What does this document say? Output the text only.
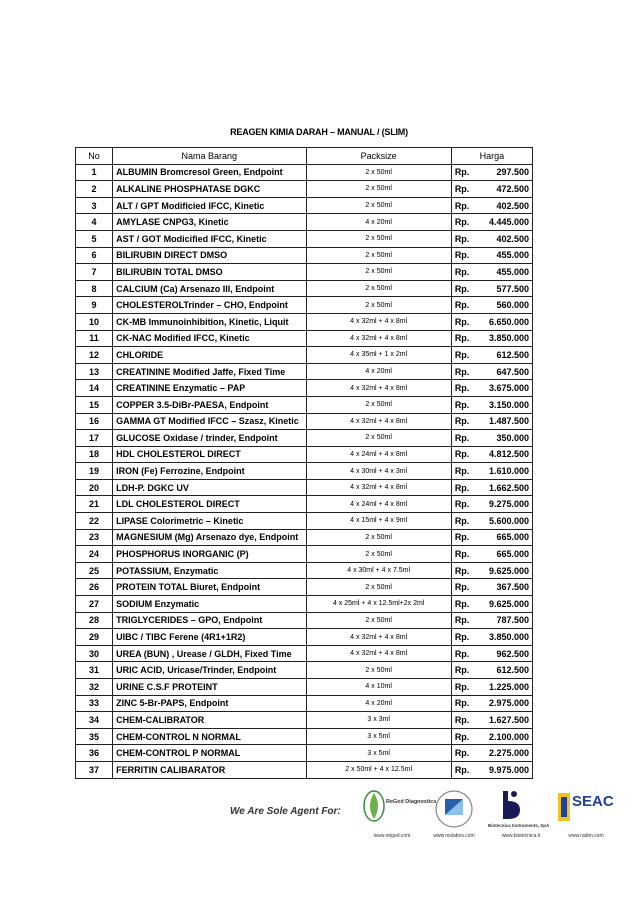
REAGEN KIMIA DARAH – MANUAL / (SLIM)
No	Nama Barang	Packsize	Harga
1	ALBUMIN Bromcresol Green, Endpoint	2 x 50ml	Rp. 297.500

2	ALKALINE PHOSPHATASE DGKC	2 x 50ml	Rp. 472.500

3	ALT / GPT Modificied IFCC, Kinetic	2 x 50ml	Rp. 402.500

4	AMYLASE CNPG3, Kinetic	4 x 20ml	Rp. 4.445.000

5	AST / GOT Modicified IFCC, Kinetic	2 x 50ml	Rp. 402.500

6	BILIRUBIN DIRECT DMSO	2 x 50ml	Rp. 455.000

7	BILIRUBIN TOTAL DMSO	2 x 50ml	Rp. 455.000

8	CALCIUM (Ca) Arsenazo III, Endpoint	2 x 50ml	Rp. 577.500

9	CHOLESTEROLTrinder – CHO, Endpoint	2 x 50ml	Rp. 560.000

10	CK-MB Immunoinhibition, Kinetic, Liquit	4 x 32ml + 4 x 8ml	Rp. 6.650.000

11	CK-NAC Modified IFCC, Kinetic	4 x 32ml + 4 x 8ml	Rp. 3.850.000

12	CHLORIDE	4 x 35ml + 1 x 2ml	Rp. 612.500

13	CREATININE Modified Jaffe, Fixed Time	4 x 20ml	Rp. 647.500

14	CREATININE Enzymatic – PAP	4 x 32ml + 4 x 8ml	Rp. 3.675.000

15	COPPER 3.5-DiBr-PAESA, Endpoint	2 x 50ml	Rp. 3.150.000

16	GAMMA GT Modified IFCC – Szasz, Kinetic	4 x 32ml + 4 x 8ml	Rp. 1.487.500

17	GLUCOSE Oxidase / trinder, Endpoint	2 x 50ml	Rp. 350.000

18	HDL CHOLESTEROL DIRECT	4 x 24ml + 4 x 8ml	Rp. 4.812.500

19	IRON (Fe) Ferrozine, Endpoint	4 x 30ml + 4 x 3ml	Rp. 1.610.000

20	LDH-P. DGKC UV	4 x 32ml + 4 x 8ml	Rp. 1.662.500

21	LDL CHOLESTEROL DIRECT	4 x 24ml + 4 x 8ml	Rp. 9.275.000

22	LIPASE Colorimetric – Kinetic	4 x 15ml + 4 x 9ml	Rp. 5.600.000

23	MAGNESIUM (Mg) Arsenazo dye, Endpoint	2 x 50ml	Rp. 665.000

24	PHOSPHORUS INORGANIC (P)	2 x 50ml	Rp. 665.000

25	POTASSIUM, Enzymatic	4 x 30ml + 4 x 7.5ml	Rp. 9.625.000

26	PROTEIN TOTAL Biuret, Endpoint	2 x 50ml	Rp. 367.500

27	SODIUM Enzymatic	4 x 25ml + 4 x 12.5ml+2x 2ml	Rp. 9.625.000

28	TRIGLYCERIDES – GPO, Endpoint	2 x 50ml	Rp. 787.500

29	UIBC / TIBC Ferene (4R1+1R2)	4 x 32ml + 4 x 8ml	Rp. 3.850.000

30	UREA (BUN) , Urease / GLDH, Fixed Time	4 x 32ml + 4 x 8ml	Rp. 962.500

31	URIC ACID, Uricase/Trinder, Endpoint	2 x 50ml	Rp. 612.500

32	URINE C.S.F PROTEINT	4 x 10ml	Rp. 1.225.000

33	ZINC 5-Br-PAPS, Endpoint	4 x 20ml	Rp. 2.975.000

34	CHEM-CALIBRATOR	3 x 3ml	Rp. 1.627.500

35	CHEM-CONTROL N NORMAL	3 x 5ml	Rp. 2.100.000

36	CHEM-CONTROL P NORMAL	3 x 5ml	Rp. 2.275.000

37	FERRITIN CALIBARATOR	2 x 50ml + 4 x 12.5ml	Rp. 9.975.000
We Are Sole Agent For:
ReGed Diagnostics
www.reiged.com	www.mslabos.com
Biotecnica Instruments, SpA
www.biotecnica.it
SEAC
www.radim.com
